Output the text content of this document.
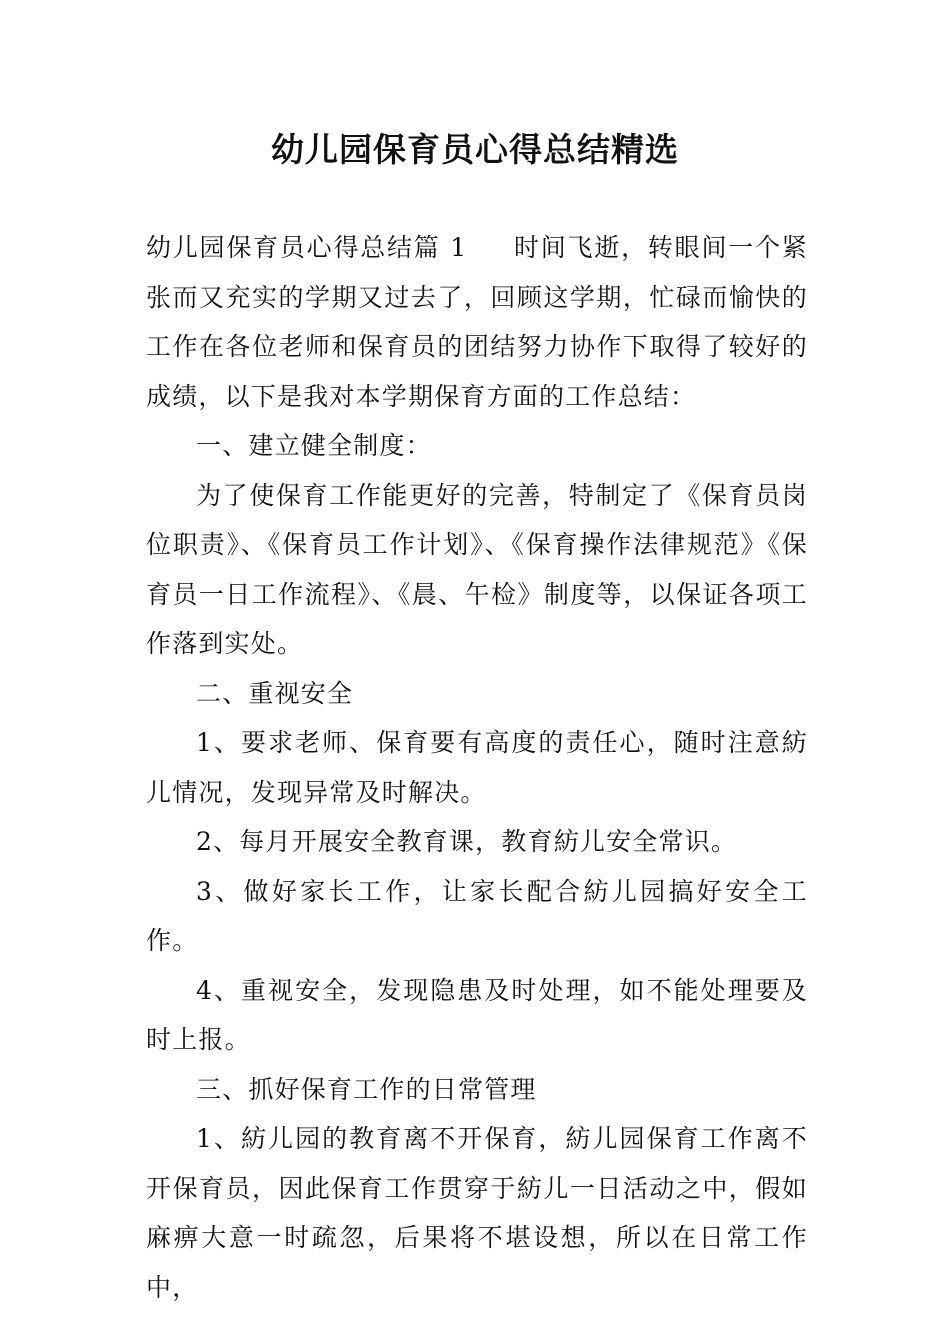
幼儿园保育员心得总结精选

幼儿园保育员心得总结篇 1 时间飞逝，转眼间一个紧张而又充实的学期又过去了，回顾这学期，忙碌而愉快的工作在各位老师和保育员的团结努力协作下取得了较好的成绩，以下是我对本学期保育方面的工作总结：

一、建立健全制度：

为了使保育工作能更好的完善，特制定了《保育员岗位职责》、《保育员工作计划》、《保育操作法律规范》《保育员一日工作流程》、《晨、午检》制度等，以保证各项工作落到实处。

二、重视安全

1、要求老师、保育要有高度的责任心，随时注意紡儿情况，发现异常及时解决。

2、每月开展安全教育课，教育紡儿安全常识。

3、做好家长工作，让家长配合紡儿园搞好安全工作。

4、重视安全，发现隐患及时处理，如不能处理要及时上报。

三、抓好保育工作的日常管理

1、紡儿园的教育离不开保育，紡儿园保育工作离不开保育员，因此保育工作贯穿于紡儿一日活动之中，假如麻痹大意一时疏忽，后果将不堪设想，所以在日常工作中，
